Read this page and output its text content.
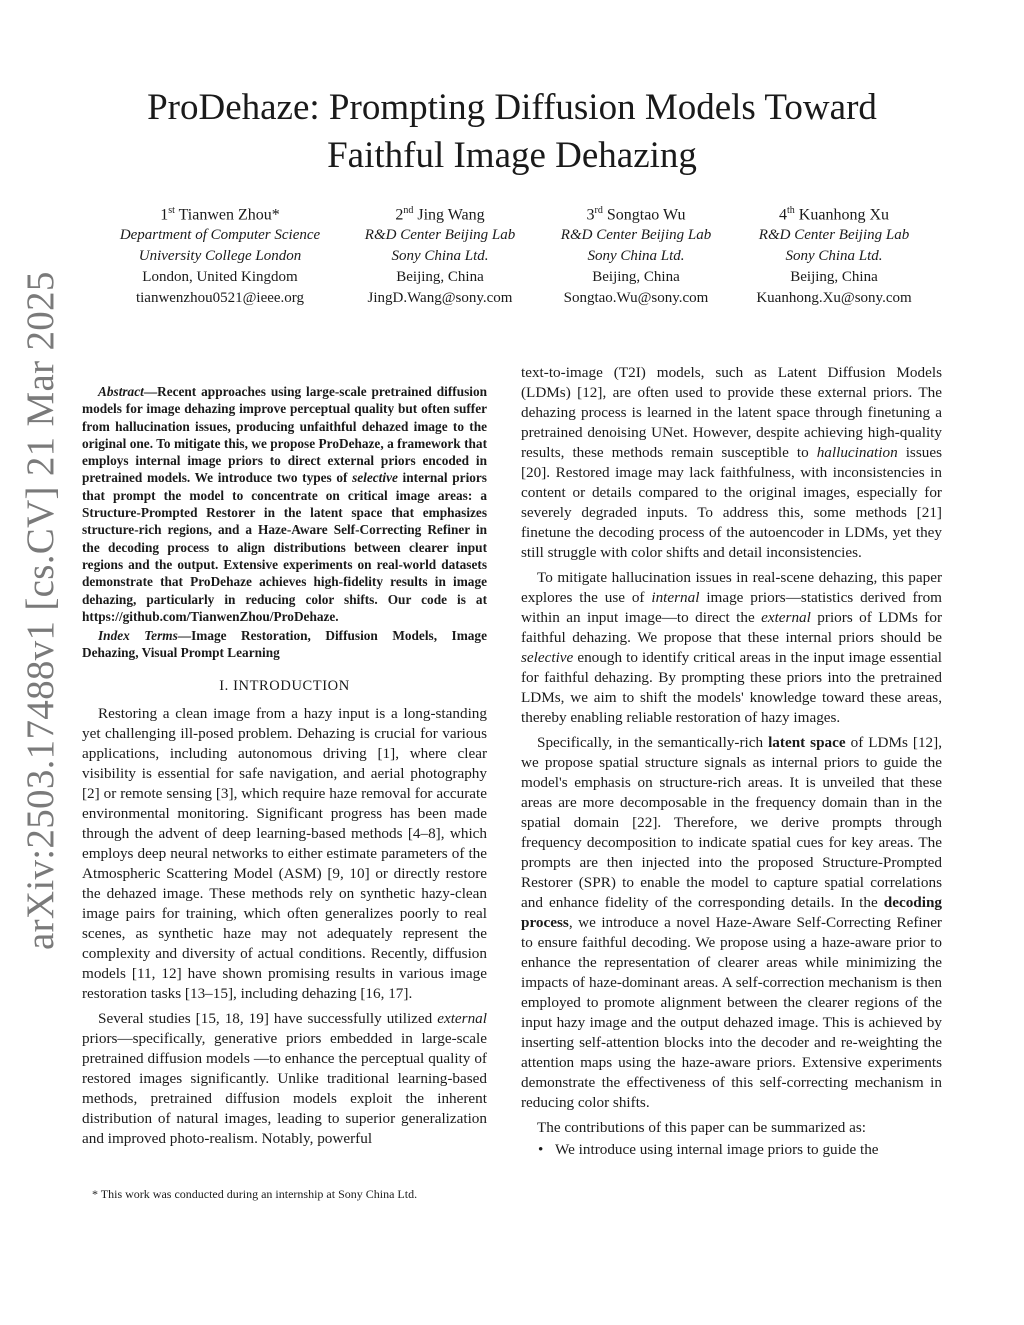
arXiv:2503.17488v1 [cs.CV] 21 Mar 2025
ProDehaze: Prompting Diffusion Models Toward
Faithful Image Dehazing
1st Tianwen Zhou*
Department of Computer Science
University College London
London, United Kingdom
tianwenzhou0521@ieee.org
2nd Jing Wang
R&D Center Beijing Lab
Sony China Ltd.
Beijing, China
JingD.Wang@sony.com
3rd Songtao Wu
R&D Center Beijing Lab
Sony China Ltd.
Beijing, China
Songtao.Wu@sony.com
4th Kuanhong Xu
R&D Center Beijing Lab
Sony China Ltd.
Beijing, China
Kuanhong.Xu@sony.com
Abstract—Recent approaches using large-scale pretrained diffusion models for image dehazing improve perceptual quality but often suffer from hallucination issues, producing unfaithful dehazed image to the original one. To mitigate this, we propose ProDehaze, a framework that employs internal image priors to direct external priors encoded in pretrained models. We introduce two types of selective internal priors that prompt the model to concentrate on critical image areas: a Structure-Prompted Restorer in the latent space that emphasizes structure-rich regions, and a Haze-Aware Self-Correcting Refiner in the decoding process to align distributions between clearer input regions and the output. Extensive experiments on real-world datasets demonstrate that ProDehaze achieves high-fidelity results in image dehazing, particularly in reducing color shifts. Our code is at https://github.com/TianwenZhou/ProDehaze.
Index Terms—Image Restoration, Diffusion Models, Image Dehazing, Visual Prompt Learning
I. INTRODUCTION

Restoring a clean image from a hazy input is a long-standing yet challenging ill-posed problem. Dehazing is crucial for various applications, including autonomous driving [1], where clear visibility is essential for safe navigation, and aerial photography [2] or remote sensing [3], which require haze removal for accurate environmental monitoring. Significant progress has been made through the advent of deep learning-based methods [4–8], which employs deep neural networks to either estimate parameters of the Atmospheric Scattering Model (ASM) [9, 10] or directly restore the dehazed image. These methods rely on synthetic hazy-clean image pairs for training, which often generalizes poorly to real scenes, as synthetic haze may not adequately represent the complexity and diversity of actual conditions. Recently, diffusion models [11, 12] have shown promising results in various image restoration tasks [13–15], including dehazing [16, 17].

Several studies [15, 18, 19] have successfully utilized external priors—specifically, generative priors embedded in large-scale pretrained diffusion models —to enhance the perceptual quality of restored images significantly. Unlike traditional learning-based methods, pretrained diffusion models exploit the inherent distribution of natural images, leading to superior generalization and improved photo-realism. Notably, powerful

* This work was conducted during an internship at Sony China Ltd.

text-to-image (T2I) models, such as Latent Diffusion Models (LDMs) [12], are often used to provide these external priors. The dehazing process is learned in the latent space through finetuning a pretrained denoising UNet. However, despite achieving high-quality results, these methods remain susceptible to hallucination issues [20]. Restored image may lack faithfulness, with inconsistencies in content or details compared to the original images, especially for severely degraded inputs. To address this, some methods [21] finetune the decoding process of the autoencoder in LDMs, yet they still struggle with color shifts and detail inconsistencies.

To mitigate hallucination issues in real-scene dehazing, this paper explores the use of internal image priors—statistics derived from within an input image—to direct the external priors of LDMs for faithful dehazing. We propose that these internal priors should be selective enough to identify critical areas in the input image essential for faithful dehazing. By prompting these priors into the pretrained LDMs, we aim to shift the models' knowledge toward these areas, thereby enabling reliable restoration of hazy images.

Specifically, in the semantically-rich latent space of LDMs [12], we propose spatial structure signals as internal priors to guide the model's emphasis on structure-rich areas. It is unveiled that these areas are more decomposable in the frequency domain than in the spatial domain [22]. Therefore, we derive prompts through frequency decomposition to indicate spatial cues for key areas. The prompts are then injected into the proposed Structure-Prompted Restorer (SPR) to enable the model to capture spatial correlations and enhance fidelity of the corresponding details. In the decoding process, we introduce a novel Haze-Aware Self-Correcting Refiner to ensure faithful decoding. We propose using a haze-aware prior to enhance the representation of clearer areas while minimizing the impacts of haze-dominant areas. A self-correction mechanism is then employed to promote alignment between the clearer regions of the input hazy image and the output dehazed image. This is achieved by inserting self-attention blocks into the decoder and re-weighting the attention maps using the haze-aware priors. Extensive experiments demonstrate the effectiveness of this self-correcting mechanism in reducing color shifts.

The contributions of this paper can be summarized as:

• We introduce using internal image priors to guide the
